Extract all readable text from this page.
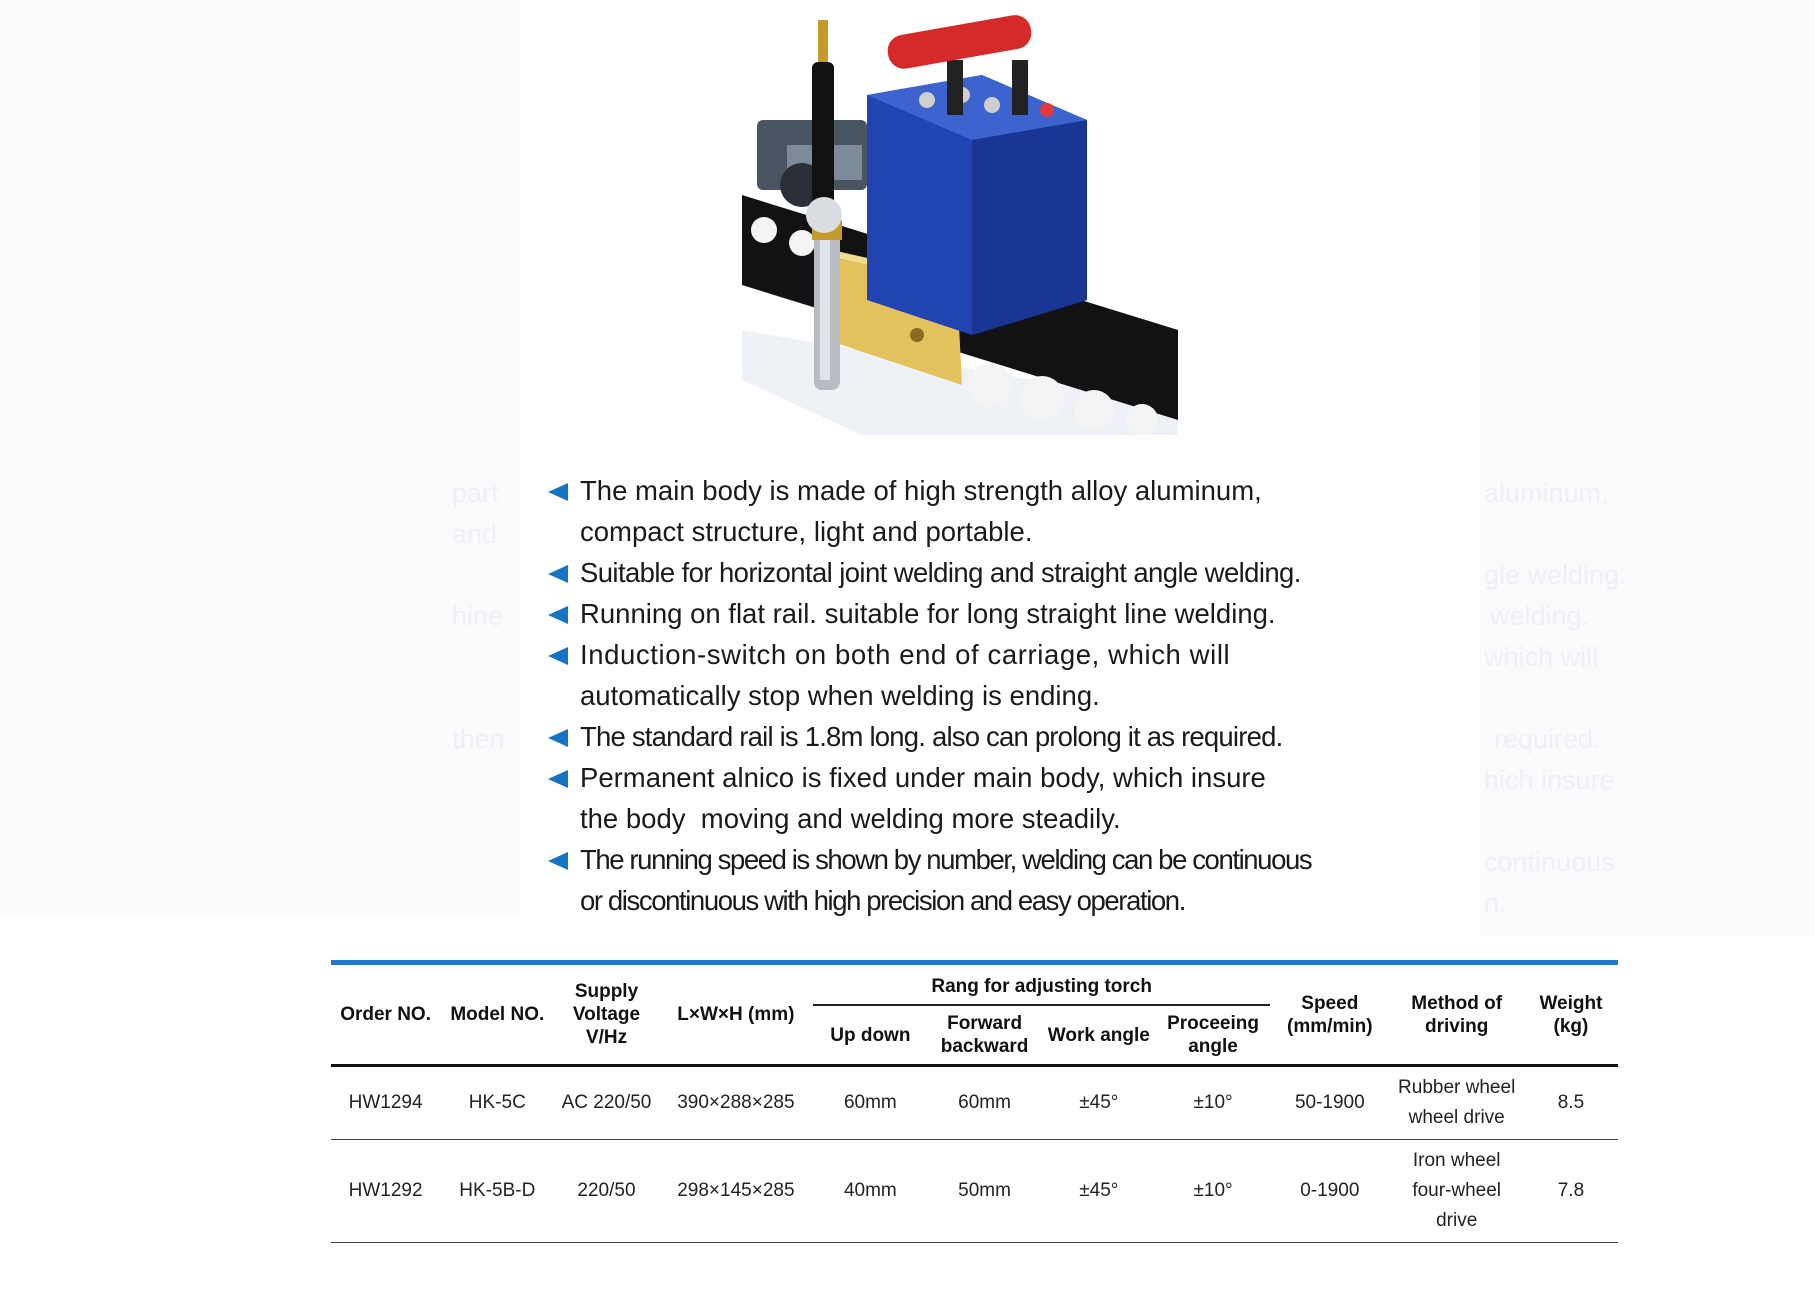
part
and
hine
then
aluminum,
gle welding.
welding.
which will
required.
hich insure
continuous
n.
The main body is made of high strength alloy aluminum,
compact structure, light and portable.
Suitable for horizontal joint welding and straight angle welding.
Running on flat rail. suitable for long straight line welding.
Induction-switch on both end of carriage, which will
automatically stop when welding is ending.
The standard rail is 1.8m long. also can prolong it as required.
Permanent alnico is fixed under main body, which insure
the body  moving and welding more steadily.
The running speed is shown by number, welding can be continuous
or discontinuous with high precision and easy operation.
Order NO.	Model NO.	Supply Voltage V/Hz	L×W×H (mm)	Rang for adjusting torch				Speed (mm/min)	Method of driving	Weight (kg)
				Up down	Forward backward	Work angle	Proceeing angle			
HW1294	HK-5C	AC 220/50	390×288×285	60mm	60mm	±45°	±10°	50-1900	Rubber wheel wheel drive	8.5
HW1292	HK-5B-D	220/50	298×145×285	40mm	50mm	±45°	±10°	0-1900	Iron wheel four-wheel drive	7.8
